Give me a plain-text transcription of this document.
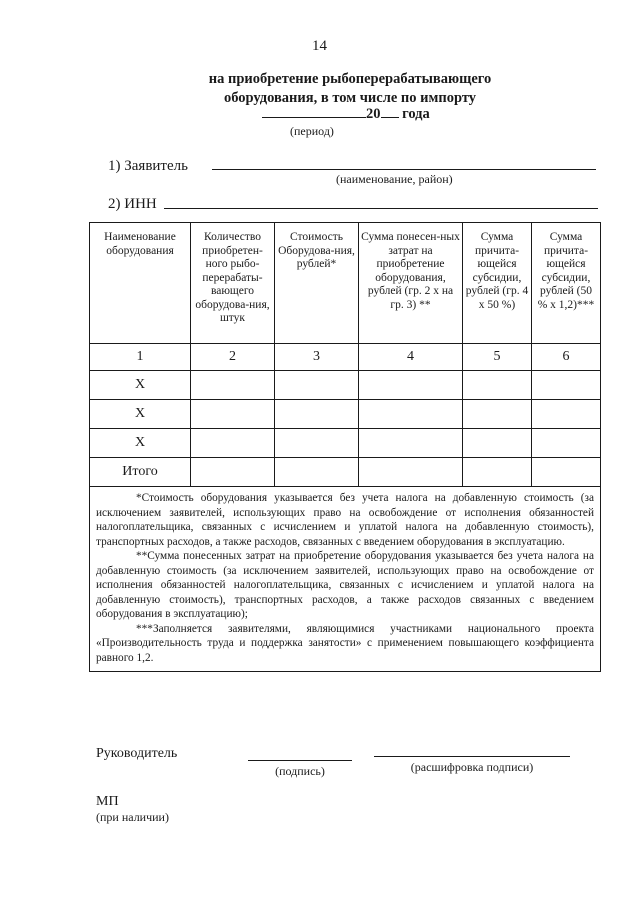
14
на приобретение рыбоперерабатывающего
оборудования, в том числе по импорту
20 года
(период)
1) Заявитель
(наименование, район)
2) ИНН
Наименование оборудования	Количество приобретен-ного рыбо-перерабаты-вающего оборудова-ния, штук	Стоимость Оборудова-ния, рублей*	Сумма понесен-ных затрат на приобретение оборудования, рублей (гр. 2 x на гр. 3) **	Сумма причита-ющейся субсидии, рублей (гр. 4 x 50 %)	Сумма причита-ющейся субсидии, рублей (50 % x 1,2)***
1	2	3	4	5	6
X					
X					
X					
Итого					

*Стоимость оборудования указывается без учета налога на добавленную стоимость (за исключением заявителей, использующих право на освобождение от исполнения обязанностей налогоплательщика, связанных с исчислением и уплатой налога на добавленную стоимость), транспортных расходов, а также расходов, связанных с введением оборудования в эксплуатацию.

**Сумма понесенных затрат на приобретение оборудования указывается без учета налога на добавленную стоимость (за исключением заявителей, использующих право на освобождение от исполнения обязанностей налогоплательщика, связанных с исчислением и уплатой налога на добавленную стоимость), транспортных расходов, а также расходов связанных с введением оборудования в эксплуатацию);

***Заполняется заявителями, являющимися участниками национального проекта «Производительность труда и поддержка занятости» с применением повышающего коэффициента равного 1,2.					

Руководитель
(подпись)	(расшифровка подписи)
МП
(при наличии)
